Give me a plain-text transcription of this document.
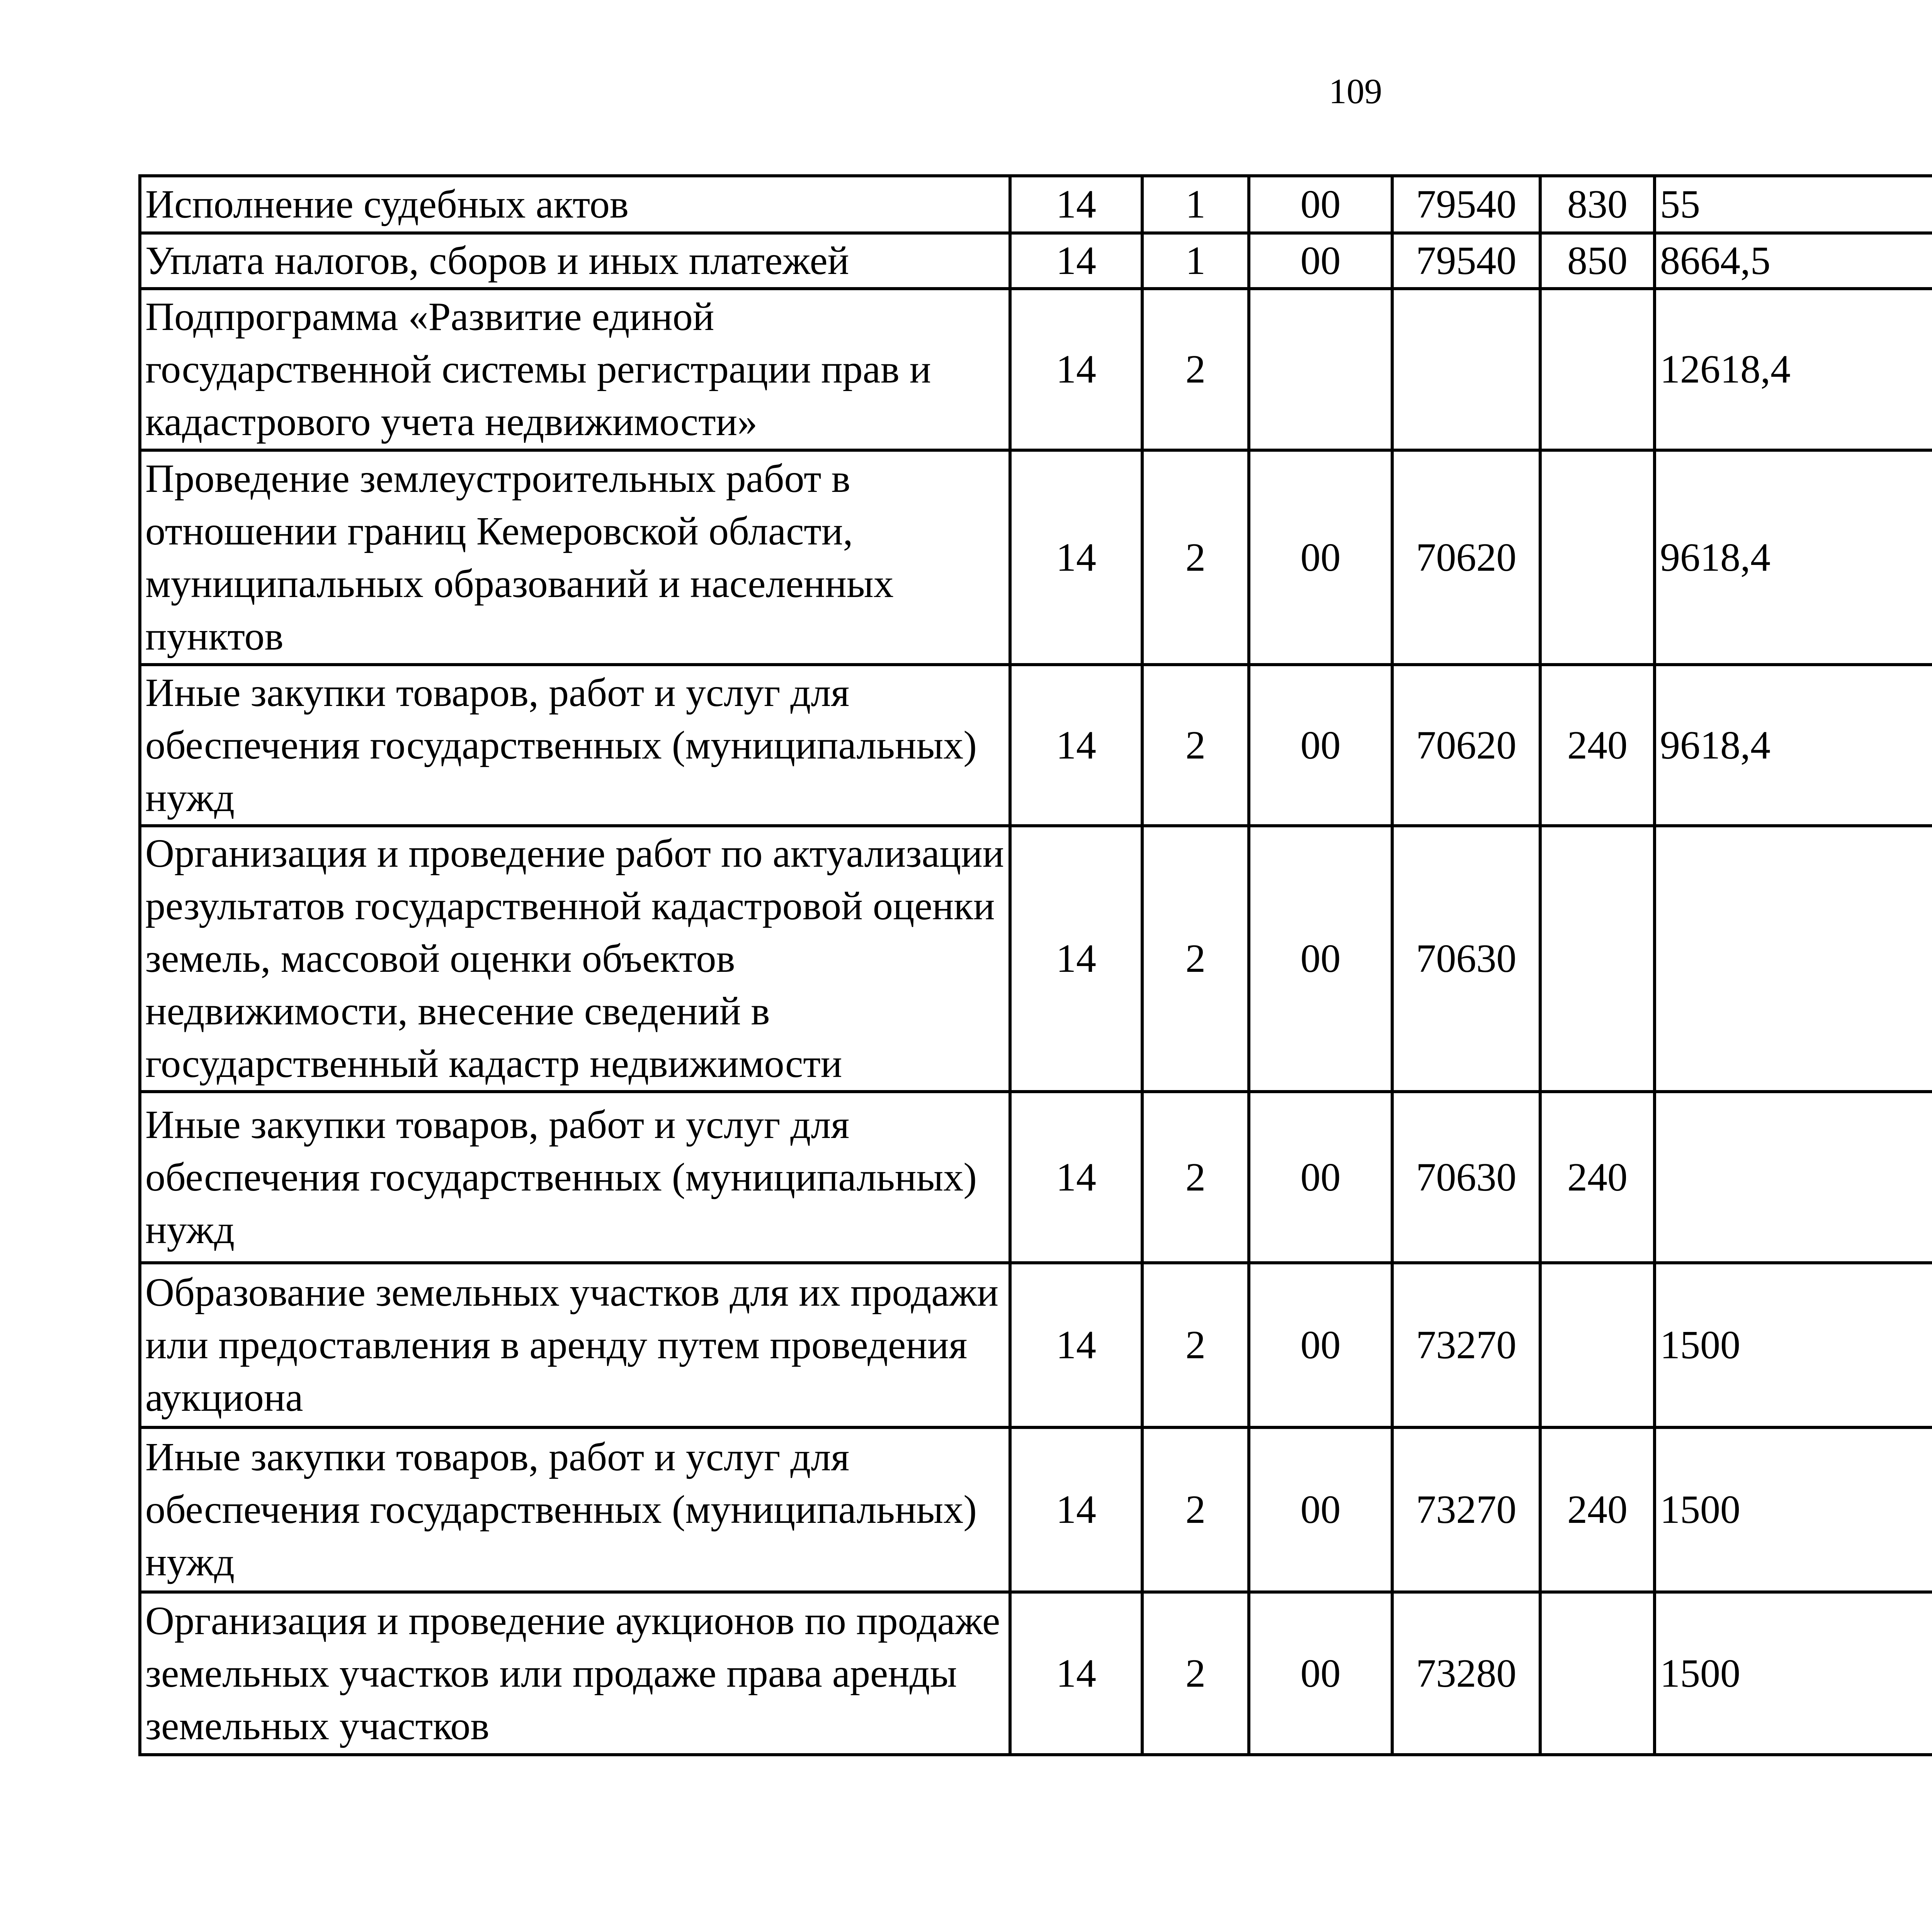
109
Исполнение судебных актов	14	1	00	79540	830	55		
Уплата налогов, сборов и иных платежей	14	1	00	79540	850	8664,5		
Подпрограмма «Развитие единой государственной системы регистрации прав и кадастрового учета недвижимости»	14	2				12618,4		
Проведение землеустроительных работ в отношении границ Кемеровской области, муниципальных образований и населенных пунктов	14	2	00	70620		9618,4		
Иные закупки товаров, работ и услуг для обеспечения государственных (муниципальных) нужд	14	2	00	70620	240	9618,4		
Организация и проведение работ по актуализации результатов государственной кадастровой оценки земель, массовой оценки объектов недвижимости, внесение сведений в государственный кадастр недвижимости	14	2	00	70630				
Иные закупки товаров, работ и услуг для обеспечения государственных (муниципальных) нужд	14	2	00	70630	240			
Образование земельных участков для их продажи или предоставления в аренду путем проведения аукциона	14	2	00	73270		1500		
Иные закупки товаров, работ и услуг для обеспечения государственных (муниципальных) нужд	14	2	00	73270	240	1500		
Организация и проведение аукционов по продаже земельных участков или продаже права аренды земельных участков	14	2	00	73280		1500		
